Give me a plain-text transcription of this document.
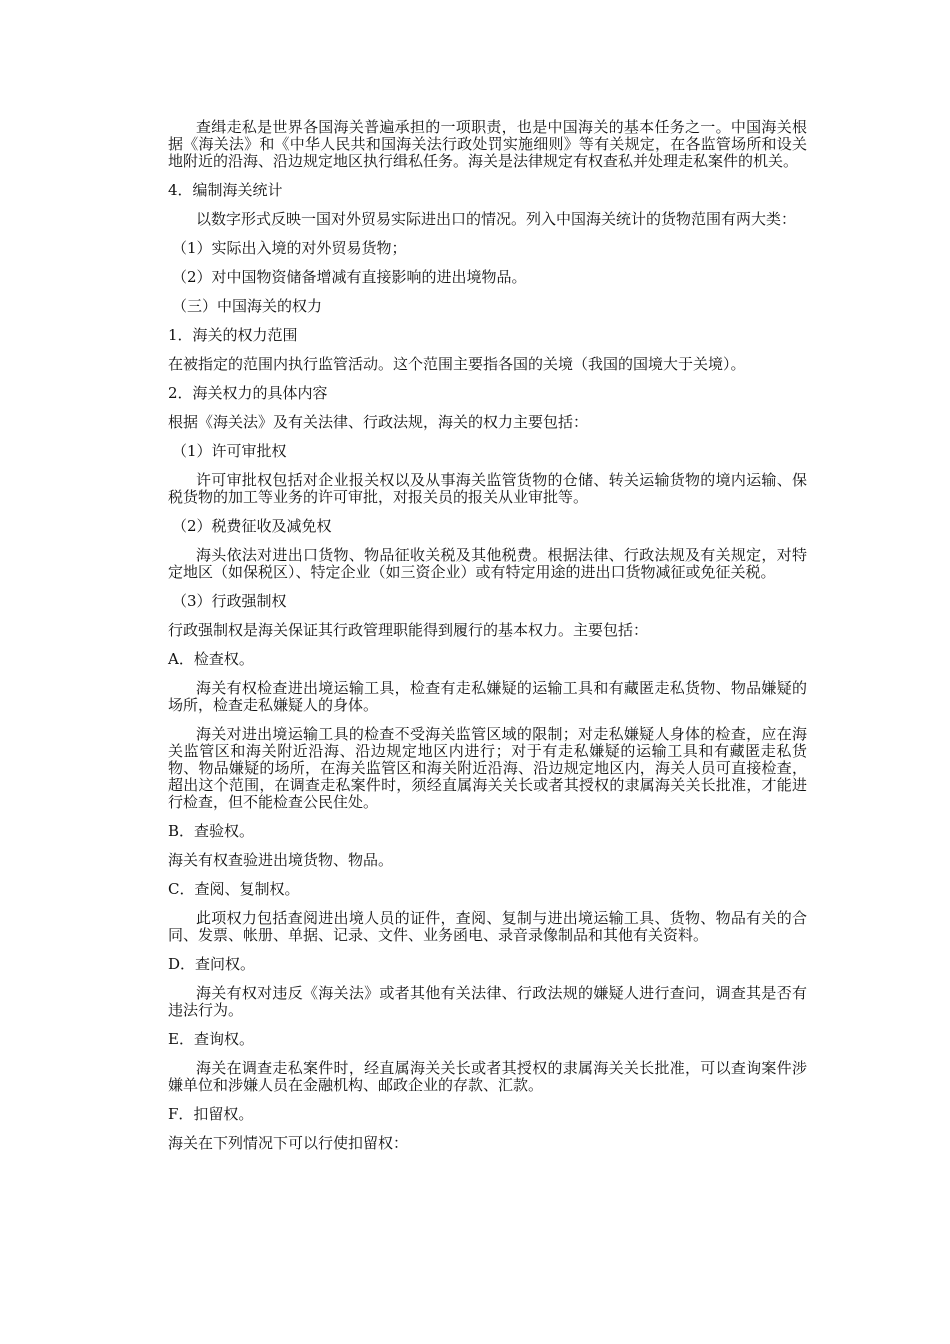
查缉走私是世界各国海关普遍承担的一项职责，也是中国海关的基本任务之一。中国海关根据《海关法》和《中华人民共和国海关法行政处罚实施细则》等有关规定，在各监管场所和设关地附近的沿海、沿边规定地区执行缉私任务。海关是法律规定有权查私并处理走私案件的机关。

4．编制海关统计

以数字形式反映一国对外贸易实际进出口的情况。列入中国海关统计的货物范围有两大类：

（1）实际出入境的对外贸易货物；

（2）对中国物资储备增减有直接影响的进出境物品。

（三）中国海关的权力

1．海关的权力范围

在被指定的范围内执行监管活动。这个范围主要指各国的关境（我国的国境大于关境）。

2．海关权力的具体内容

根据《海关法》及有关法律、行政法规，海关的权力主要包括：

（1）许可审批权

许可审批权包括对企业报关权以及从事海关监管货物的仓储、转关运输货物的境内运输、保税货物的加工等业务的许可审批，对报关员的报关从业审批等。

（2）税费征收及减免权

海头依法对进出口货物、物品征收关税及其他税费。根据法律、行政法规及有关规定，对特定地区（如保税区）、特定企业（如三资企业）或有特定用途的进出口货物减征或免征关税。

（3）行政强制权

行政强制权是海关保证其行政管理职能得到履行的基本权力。主要包括：

A．检查权。

海关有权检查进出境运输工具，检查有走私嫌疑的运输工具和有藏匿走私货物、物品嫌疑的场所，检查走私嫌疑人的身体。

海关对进出境运输工具的检查不受海关监管区域的限制；对走私嫌疑人身体的检查，应在海关监管区和海关附近沿海、沿边规定地区内进行；对于有走私嫌疑的运输工具和有藏匿走私货物、物品嫌疑的场所，在海关监管区和海关附近沿海、沿边规定地区内，海关人员可直接检查，超出这个范围，在调查走私案件时，须经直属海关关长或者其授权的隶属海关关长批准，才能进行检查，但不能检查公民住处。

B．查验权。

海关有权查验进出境货物、物品。

C．查阅、复制权。

此项权力包括查阅进出境人员的证件，查阅、复制与进出境运输工具、货物、物品有关的合同、发票、帐册、单据、记录、文件、业务函电、录音录像制品和其他有关资料。

D．查问权。

海关有权对违反《海关法》或者其他有关法律、行政法规的嫌疑人进行查问，调查其是否有违法行为。

E．查询权。

海关在调查走私案件时，经直属海关关长或者其授权的隶属海关关长批准，可以查询案件涉嫌单位和涉嫌人员在金融机构、邮政企业的存款、汇款。

F．扣留权。

海关在下列情况下可以行使扣留权：
